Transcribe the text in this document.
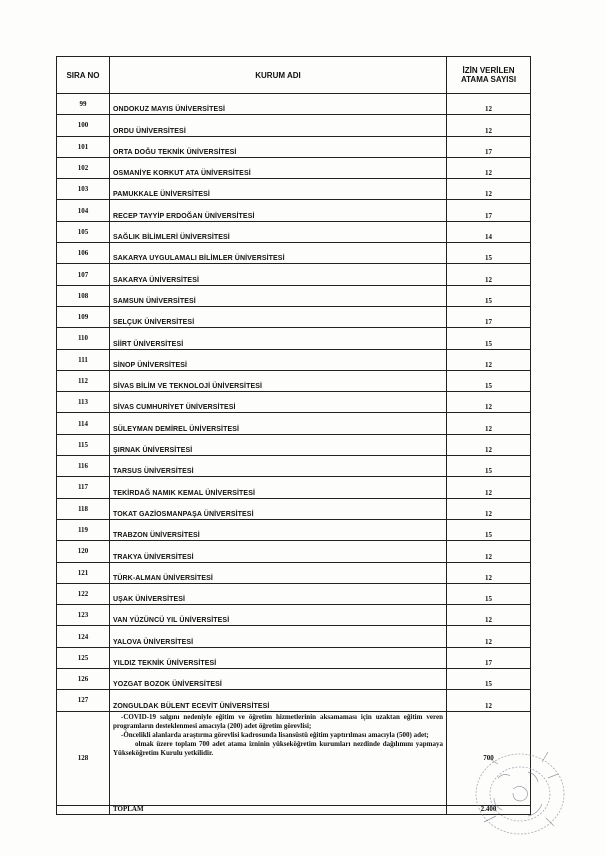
SIRA NO	KURUM ADI	İZİN VERİLEN
ATAMA SAYISI

99	ONDOKUZ MAYIS ÜNİVERSİTESİ	12
100	ORDU ÜNİVERSİTESİ	12
101	ORTA DOĞU TEKNİK ÜNİVERSİTESİ	17
102	OSMANİYE KORKUT ATA ÜNİVERSİTESİ	12
103	PAMUKKALE ÜNİVERSİTESİ	12
104	RECEP TAYYİP ERDOĞAN ÜNİVERSİTESİ	17
105	SAĞLIK BİLİMLERİ ÜNİVERSİTESİ	14
106	SAKARYA UYGULAMALI BİLİMLER ÜNİVERSİTESİ	15
107	SAKARYA ÜNİVERSİTESİ	12
108	SAMSUN ÜNİVERSİTESİ	15
109	SELÇUK ÜNİVERSİTESİ	17
110	SİİRT ÜNİVERSİTESİ	15
111	SİNOP ÜNİVERSİTESİ	12
112	SİVAS BİLİM VE TEKNOLOJİ ÜNİVERSİTESİ	15
113	SİVAS CUMHURİYET ÜNİVERSİTESİ	12
114	SÜLEYMAN DEMİREL ÜNİVERSİTESİ	12
115	ŞIRNAK ÜNİVERSİTESİ	12
116	TARSUS ÜNİVERSİTESİ	15
117	TEKİRDAĞ NAMIK KEMAL ÜNİVERSİTESİ	12
118	TOKAT GAZİOSMANPAŞA ÜNİVERSİTESİ	12
119	TRABZON ÜNİVERSİTESİ	15
120	TRAKYA ÜNİVERSİTESİ	12
121	TÜRK-ALMAN ÜNİVERSİTESİ	12
122	UŞAK ÜNİVERSİTESİ	15
123	VAN YÜZÜNCÜ YIL ÜNİVERSİTESİ	12
124	YALOVA ÜNİVERSİTESİ	12
125	YILDIZ TEKNİK ÜNİVERSİTESİ	17
126	YOZGAT BOZOK ÜNİVERSİTESİ	15
127	ZONGULDAK BÜLENT ECEVİT ÜNİVERSİTESİ	12
128	-COVID-19 salgını nedeniyle eğitim ve öğretim hizmetlerinin aksamaması için uzaktan eğitim veren programların desteklenmesi amacıyla (200) adet öğretim görevlisi;
-Öncelikli alanlarda araştırma görevlisi kadrosunda lisansüstü eğitim yaptırılması amacıyla (500) adet;
olmak üzere toplam 700 adet atama izninin yükseköğretim kurumları nezdinde dağılımını yapmaya Yükseköğretim Kurulu yetkilidir.	700
	TOPLAM	2.400
